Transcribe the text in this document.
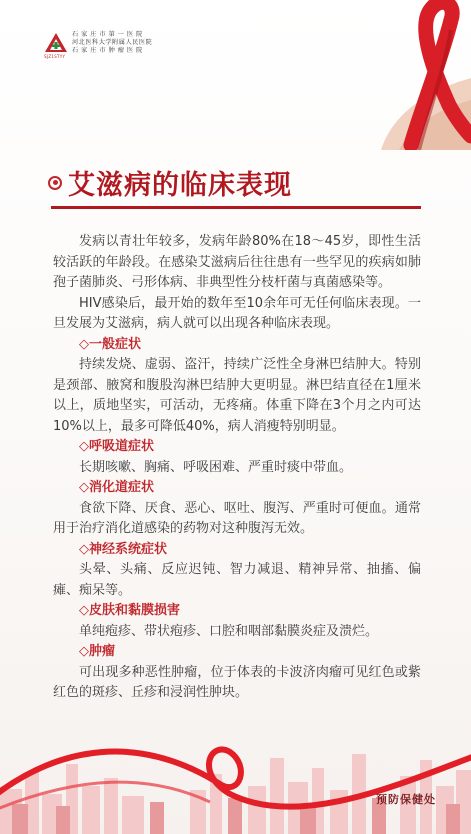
石 家 庄 市 第 一 医 院
河北医科大学附属人民医院
石 家 庄 市 肿 瘤 医 院
SJZ1STYY
艾滋病的临床表现

发病以青壮年较多，发病年龄80%在18～45岁，即性生活较活跃的年龄段。在感染艾滋病后往往患有一些罕见的疾病如肺孢子菌肺炎、弓形体病、非典型性分枝杆菌与真菌感染等。

HIV感染后，最开始的数年至10余年可无任何临床表现。一旦发展为艾滋病，病人就可以出现各种临床表现。

◇一般症状
持续发烧、虚弱、盗汗，持续广泛性全身淋巴结肿大。特别是颈部、腋窝和腹股沟淋巴结肿大更明显。淋巴结直径在1厘米以上，质地坚实，可活动，无疼痛。体重下降在3个月之内可达10%以上，最多可降低40%，病人消瘦特别明显。
◇呼吸道症状
长期咳嗽、胸痛、呼吸困难、严重时痰中带血。
◇消化道症状
食欲下降、厌食、恶心、呕吐、腹泻、严重时可便血。通常用于治疗消化道感染的药物对这种腹泻无效。
◇神经系统症状
头晕、头痛、反应迟钝、智力减退、精神异常、抽搐、偏瘫、痴呆等。
◇皮肤和黏膜损害
单纯疱疹、带状疱疹、口腔和咽部黏膜炎症及溃烂。
◇肿瘤
可出现多种恶性肿瘤，位于体表的卡波济肉瘤可见红色或紫红色的斑疹、丘疹和浸润性肿块。
预防保健处
